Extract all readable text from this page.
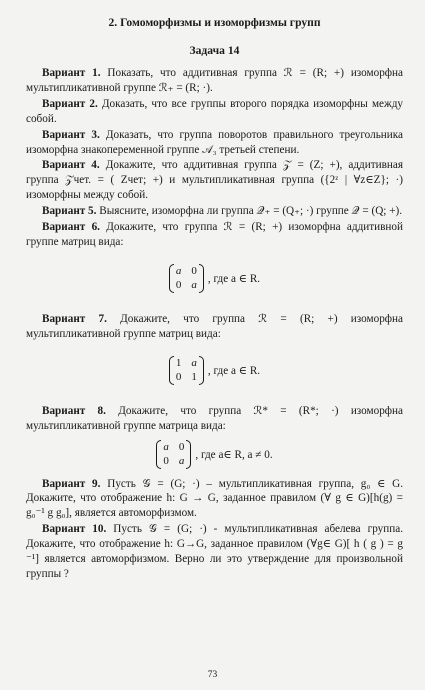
2. Гомоморфизмы и изоморфизмы групп
Задача 14

Вариант 1. Показать, что аддитивная группа ℛ = (R; +) изоморфна мультипликативной группе ℛ₊ = (R; ·).

Вариант 2. Доказать, что все группы второго порядка изоморфны между собой.

Вариант 3. Доказать, что группа поворотов правильного треугольника изоморфна знакопеременной группе 𝒜₃ третьей степени.

Вариант 4. Докажите, что аддитивная группа 𝒵 = (Z; +), аддитивная группа 𝒵чет. = ( Zчет; +) и мультипликативная группа ({2ᶻ | ∀z∈Z}; ·) изоморфны между собой.

Вариант 5. Выясните, изоморфна ли группа 𝒬₊ = (Q₊; ·) группе 𝒬 = (Q; +).

Вариант 6. Докажите, что группа ℛ = (R; +) изоморфна аддитивной группе матриц вида:

a 0
0 a , где a ∈ R.

Вариант 7. Докажите, что группа ℛ = (R; +) изоморфна мультипликативной группе матриц вида:

1 a
0 1 , где a ∈ R.

Вариант 8. Докажите, что группа ℛ* = (R*; ·) изоморфна мультипликативной группе матрица вида:

a 0
0 a , где a∈ R, a ≠ 0.

Вариант 9. Пусть 𝒢 = (G; ·) – мультипликативная группа, g₀ ∈ G. Докажите, что отображение h: G → G, заданное правилом (∀ g ∈ G)[h(g) = g₀⁻¹ g g₀], является автоморфизмом.

Вариант 10. Пусть 𝒢 = (G; ·) - мультипликативная абелева группа. Докажите, что отображение h: G→G, заданное правилом (∀g∈ G)[ h ( g ) = g ⁻¹] является автоморфизмом. Верно ли это утверждение для произвольной группы ?

73
